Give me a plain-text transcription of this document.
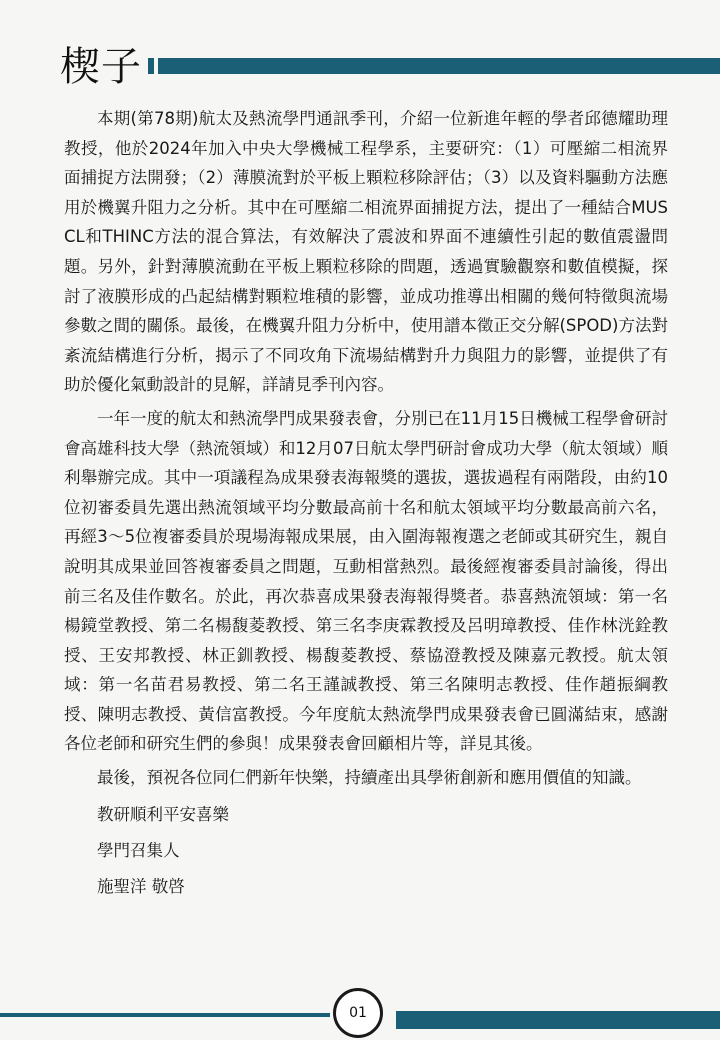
楔子

本期(第78期)航太及熱流學門通訊季刊，介紹一位新進年輕的學者邱德耀助理教授，他於2024年加入中央大學機械工程學系，主要研究：（1）可壓縮二相流界面捕捉方法開發；（2）薄膜流對於平板上顆粒移除評估；（3）以及資料驅動方法應用於機翼升阻力之分析。其中在可壓縮二相流界面捕捉方法，提出了一種結合MUSCL和THINC方法的混合算法，有效解決了震波和界面不連續性引起的數值震盪問題。另外，針對薄膜流動在平板上顆粒移除的問題，透過實驗觀察和數值模擬，探討了液膜形成的凸起結構對顆粒堆積的影響，並成功推導出相關的幾何特徵與流場參數之間的關係。最後，在機翼升阻力分析中，使用譜本徵正交分解(SPOD)方法對紊流結構進行分析，揭示了不同攻角下流場結構對升力與阻力的影響，並提供了有助於優化氣動設計的見解，詳請見季刊內容。

一年一度的航太和熱流學門成果發表會，分別已在11月15日機械工程學會研討會高雄科技大學（熱流領域）和12月07日航太學門研討會成功大學（航太領域）順利舉辦完成。其中一項議程為成果發表海報獎的選拔，選拔過程有兩階段，由約10位初審委員先選出熱流領域平均分數最高前十名和航太領域平均分數最高前六名，再經3～5位複審委員於現場海報成果展，由入圍海報複選之老師或其研究生，親自說明其成果並回答複審委員之問題，互動相當熱烈。最後經複審委員討論後，得出前三名及佳作數名。於此，再次恭喜成果發表海報得獎者。恭喜熱流領域：第一名楊鏡堂教授、第二名楊馥菱教授、第三名李庚霖教授及呂明璋教授、佳作林洸銓教授、王安邦教授、林正釧教授、楊馥菱教授、蔡協澄教授及陳嘉元教授。航太領域：第一名苗君易教授、第二名王謹誠教授、第三名陳明志教授、佳作趙振綱教授、陳明志教授、黃信富教授。今年度航太熱流學門成果發表會已圓滿結束，感謝各位老師和研究生們的參與！成果發表會回顧相片等，詳見其後。

最後，預祝各位同仁們新年快樂，持續產出具學術創新和應用價值的知識。

教研順利平安喜樂

學門召集人

施聖洋 敬啓

01
